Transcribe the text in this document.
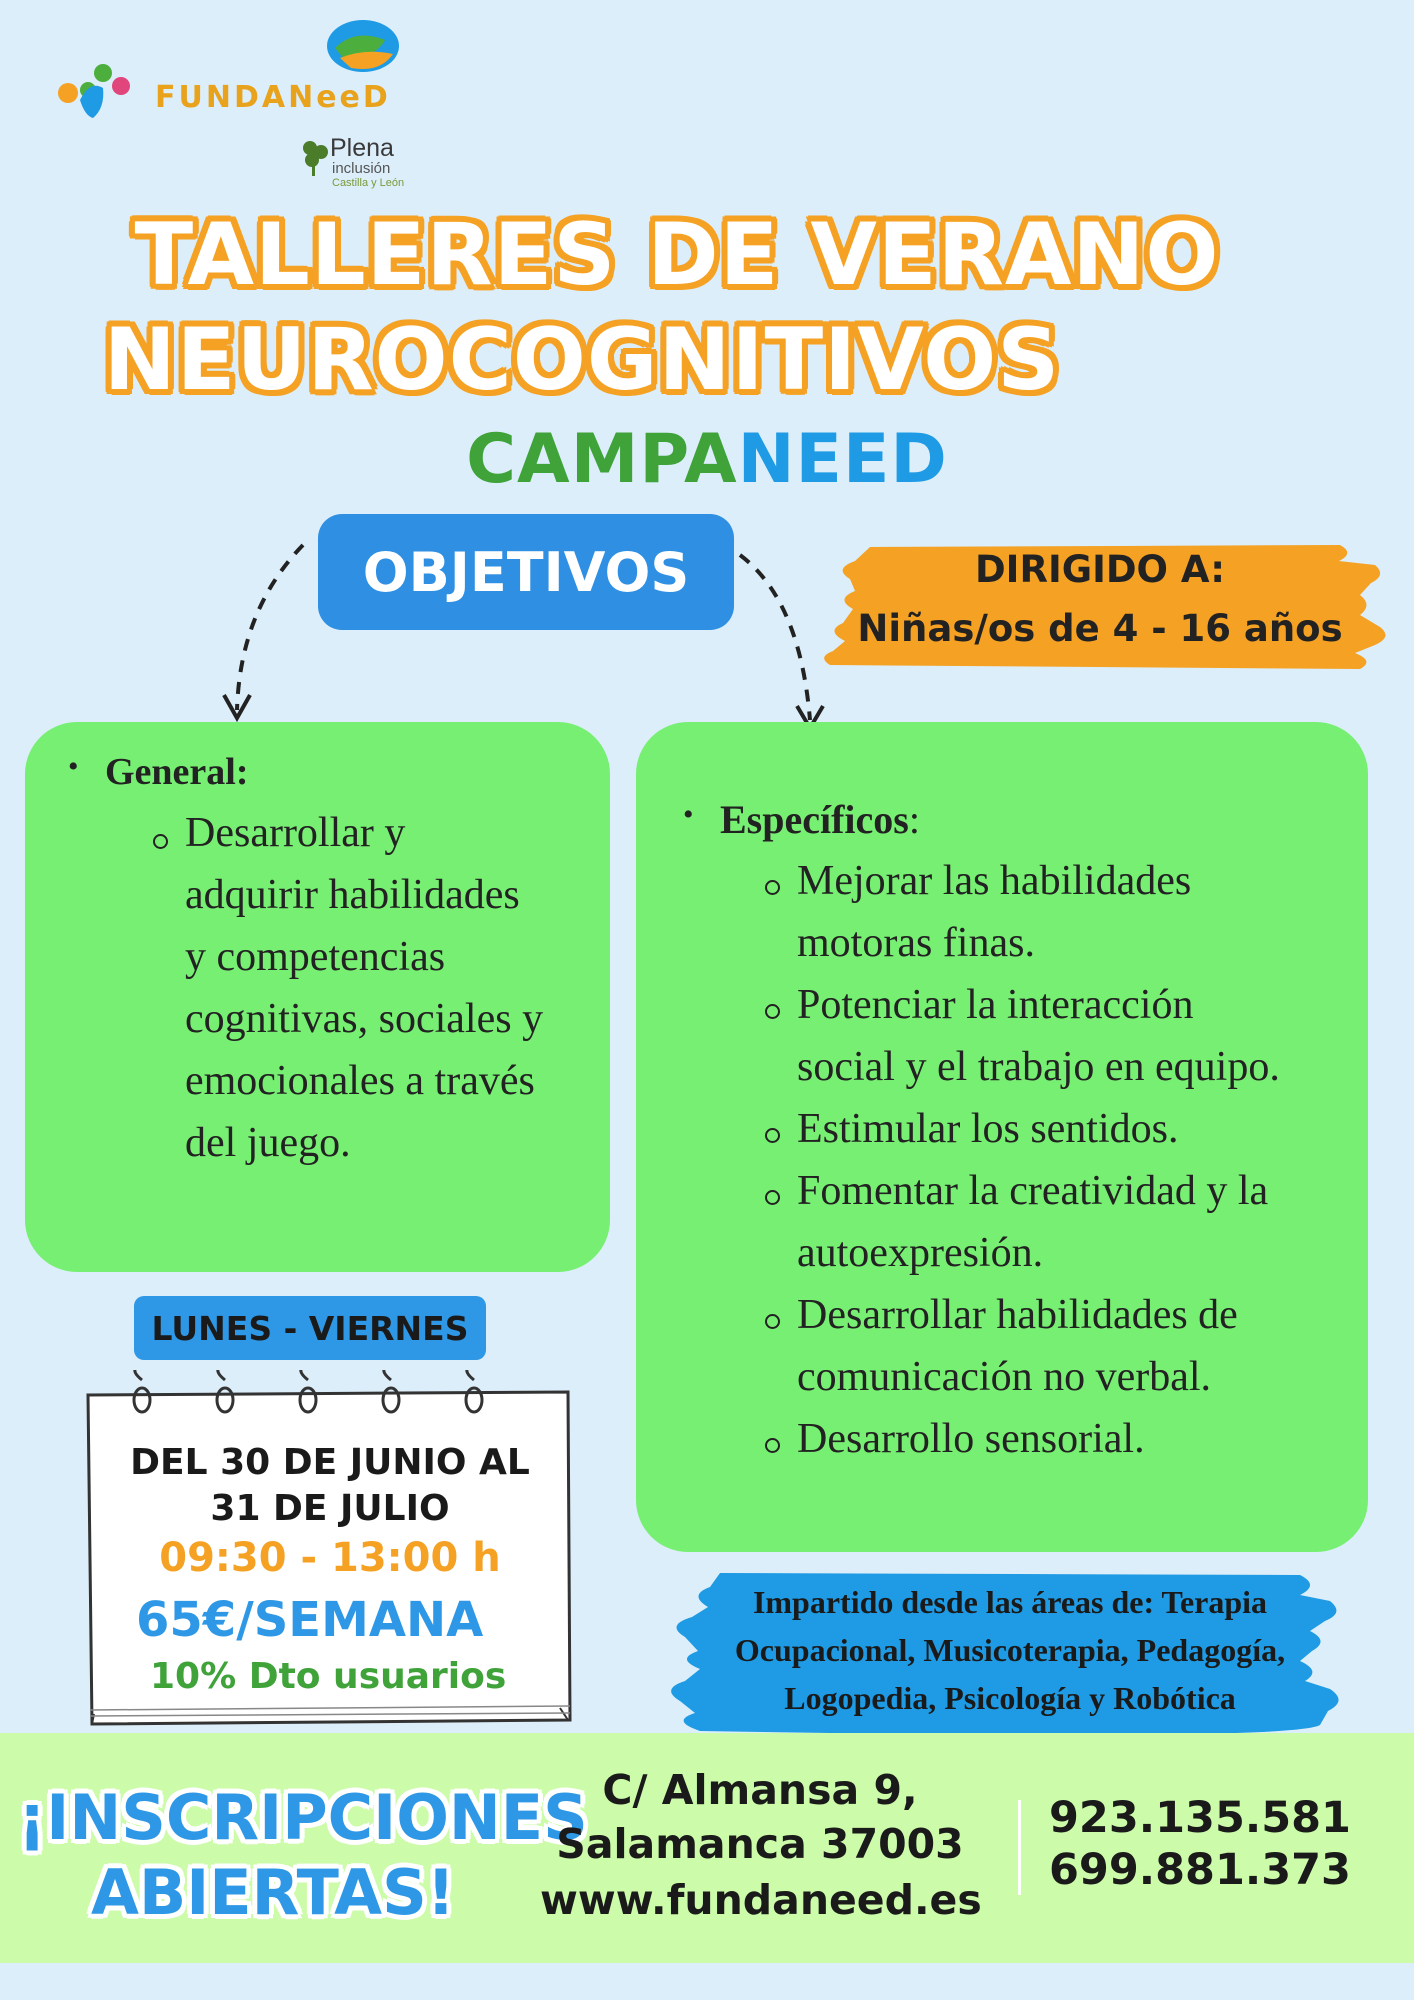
FUNDANeeD
Plena
inclusión
Castilla y León
TALLERES DE VERANO
NEUROCOGNITIVOS
CAMPANEED
OBJETIVOS	DIRIGIDO A:
Niñas/os de 4 - 16 años
• General:
Desarrollar y
adquirir habilidades
y competencias
cognitivas, sociales y
emocionales a través
del juego.
• Específicos:
Mejorar las habilidades
motoras finas.
Potenciar la interacción
social y el trabajo en equipo.
Estimular los sentidos.
Fomentar la creatividad y la
autoexpresión.
Desarrollar habilidades de
comunicación no verbal.
Desarrollo sensorial.
LUNES - VIERNES
DEL 30 DE JUNIO AL
31 DE JULIO
09:30 - 13:00 h
65€/SEMANA
10% Dto usuarios
Impartido desde las áreas de: Terapia
Ocupacional, Musicoterapia, Pedagogía,
Logopedia, Psicología y Robótica
¡INSCRIPCIONES
ABIERTAS!
C/ Almansa 9,
Salamanca 37003
www.fundaneed.es
923.135.581
699.881.373
